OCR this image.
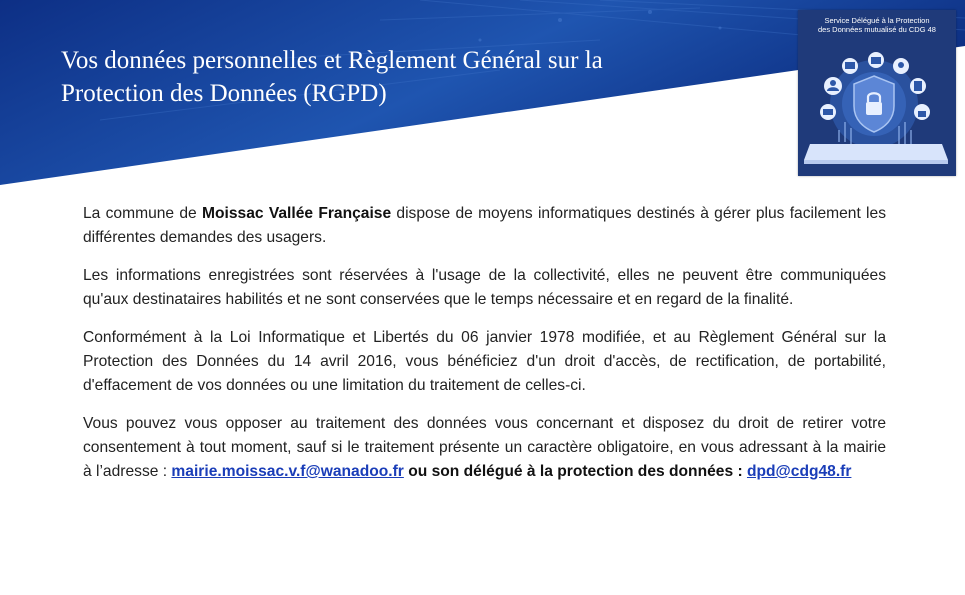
Vos données personnelles et Règlement Général sur la
Protection des Données (RGPD)
Service Délégué à la Protection
des Données mutualisé du CDG 48

La commune de Moissac Vallée Française dispose de moyens informatiques destinés à gérer plus facilement les différentes demandes des usagers.

Les informations enregistrées sont réservées à l'usage de la collectivité, elles ne peuvent être communiquées qu'aux destinataires habilités et ne sont conservées que le temps nécessaire et en regard de la finalité.

Conformément à la Loi Informatique et Libertés du 06 janvier 1978 modifiée, et au Règlement Général sur la Protection des Données du 14 avril 2016, vous bénéficiez d'un droit d'accès, de rectification, de portabilité, d'effacement de vos données ou une limitation du traitement de celles-ci.

Vous pouvez vous opposer au traitement des données vous concernant et disposez du droit de retirer votre consentement à tout moment, sauf si le traitement présente un caractère obligatoire, en vous adressant à la mairie à l’adresse : mairie.moissac.v.f@wanadoo.fr ou son délégué à la protection des données : dpd@cdg48.fr
